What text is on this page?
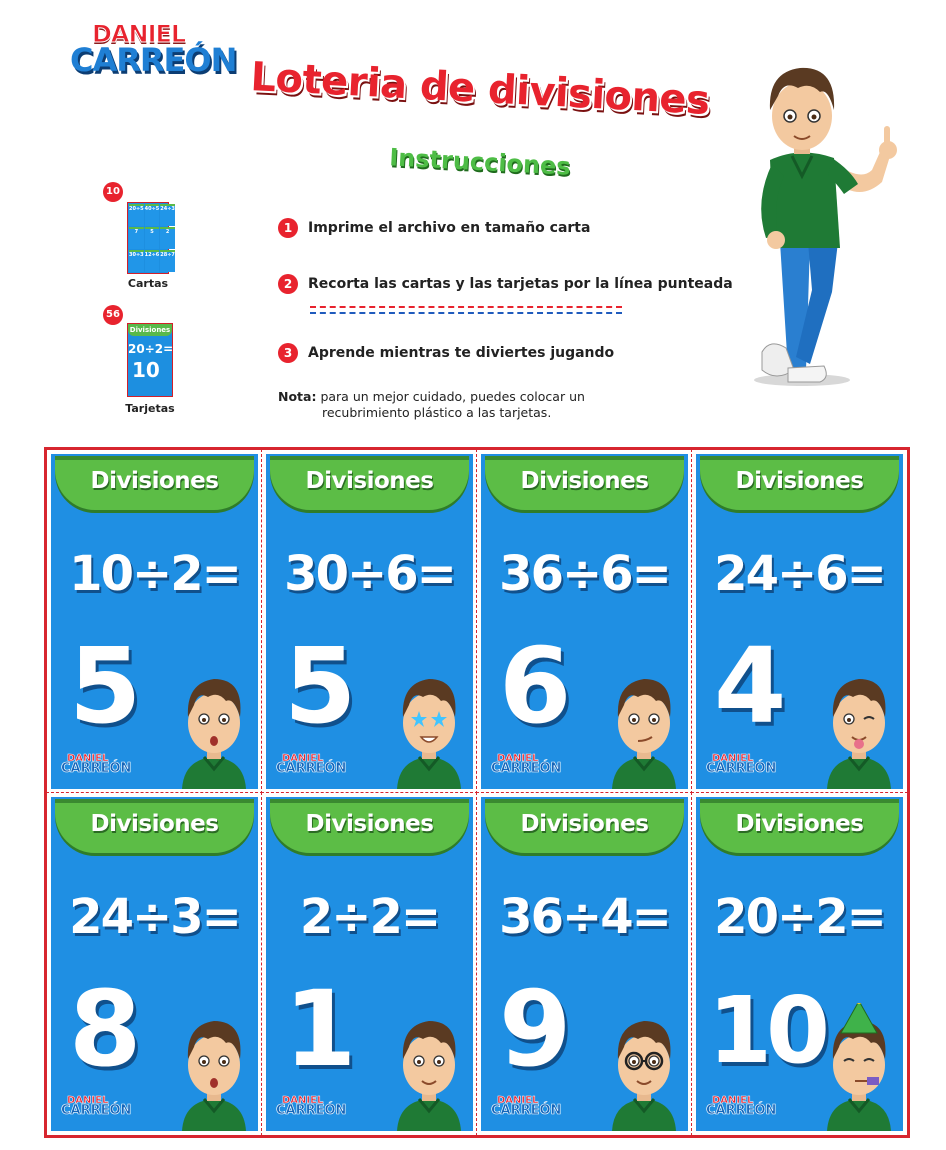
DANIEL
CARREÓN Loteria de divisiones
Instrucciones
10
20÷5 40÷5 24÷3
7	5	2
30÷3 12÷6 28÷7
Cartas
56
Divisiones
20÷2=
10
Tarjetas
1	Imprime el archivo en tamaño carta
2	Recorta las cartas y las tarjetas por la línea punteada
3	Aprende mientras te diviertes jugando
Nota: para un mejor cuidado, puedes colocar un
recubrimiento plástico a las tarjetas.
Divisiones
10÷2=
5
DANIEL
CARREÓN
Divisiones
30÷6=
5
DANIEL
CARREÓN
Divisiones
36÷6=
6
DANIEL
CARREÓN
Divisiones
24÷6=
4
DANIEL
CARREÓN
Divisiones
24÷3=
8
DANIEL
CARREÓN
Divisiones
2÷2=
1
DANIEL
CARREÓN
Divisiones
36÷4=
9
DANIEL
CARREÓN
Divisiones
20÷2=
10
DANIEL
CARREÓN
